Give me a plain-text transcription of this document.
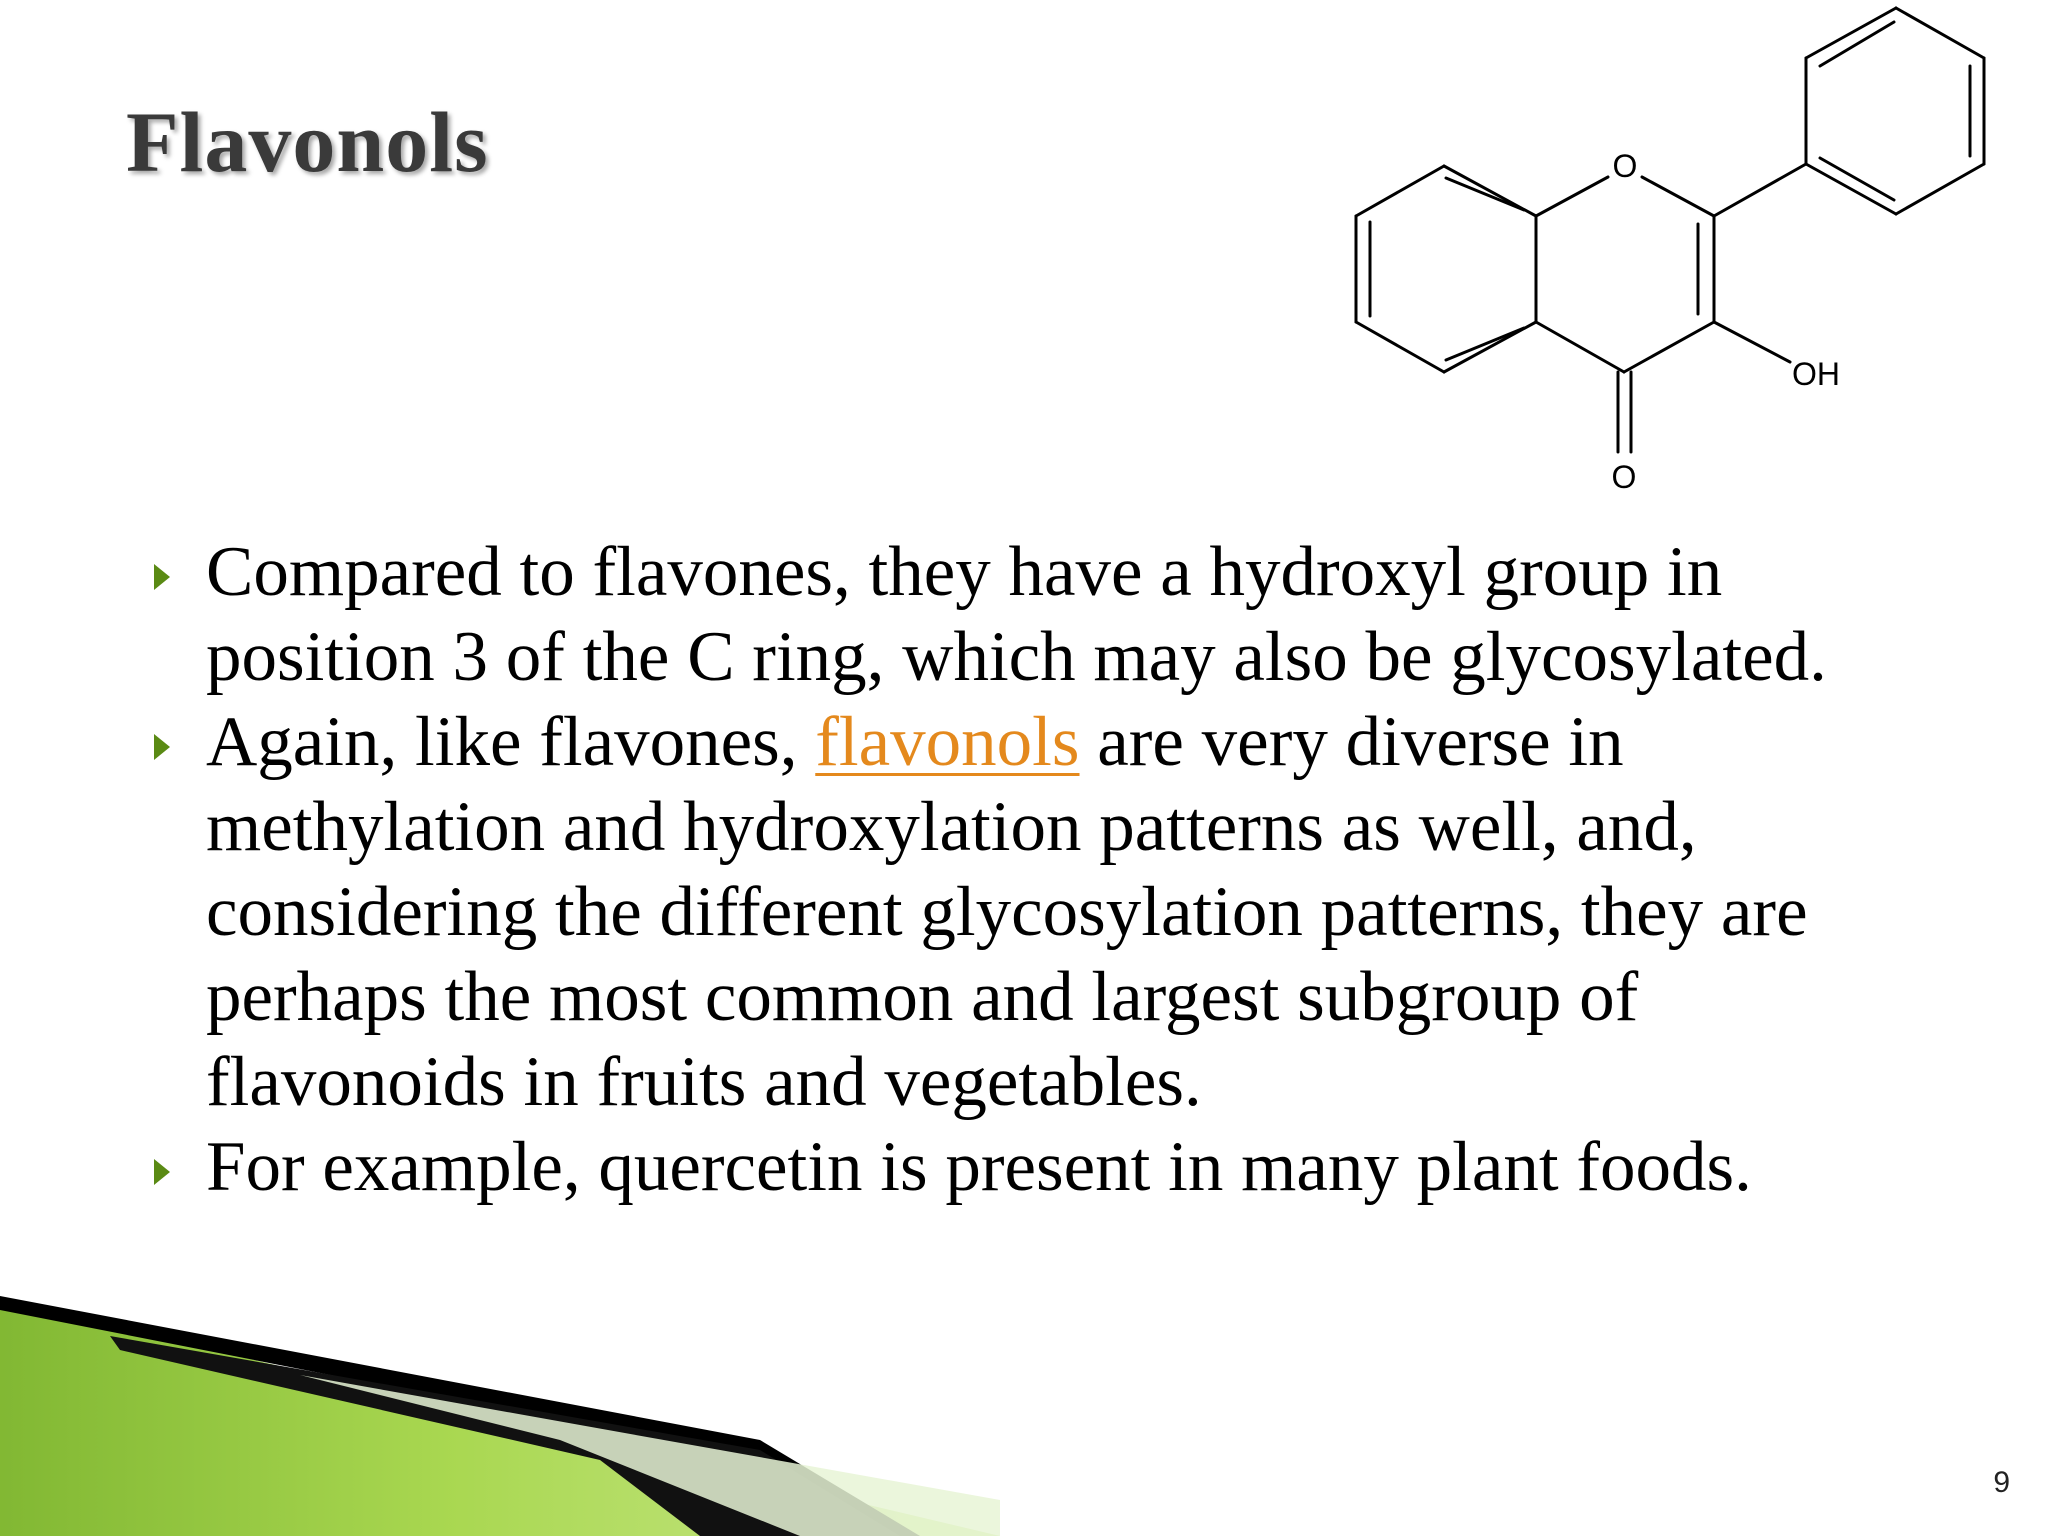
Flavonols	O
OH
O
Compared to flavones, they have a hydroxyl group in position 3 of the C ring, which may also be glycosylated.
Again, like flavones, flavonols are very diverse in methylation and hydroxylation patterns as well, and, considering the different glycosylation patterns, they are perhaps the most common and largest subgroup of flavonoids in fruits and vegetables.
For example, quercetin is present in many plant foods.
9
